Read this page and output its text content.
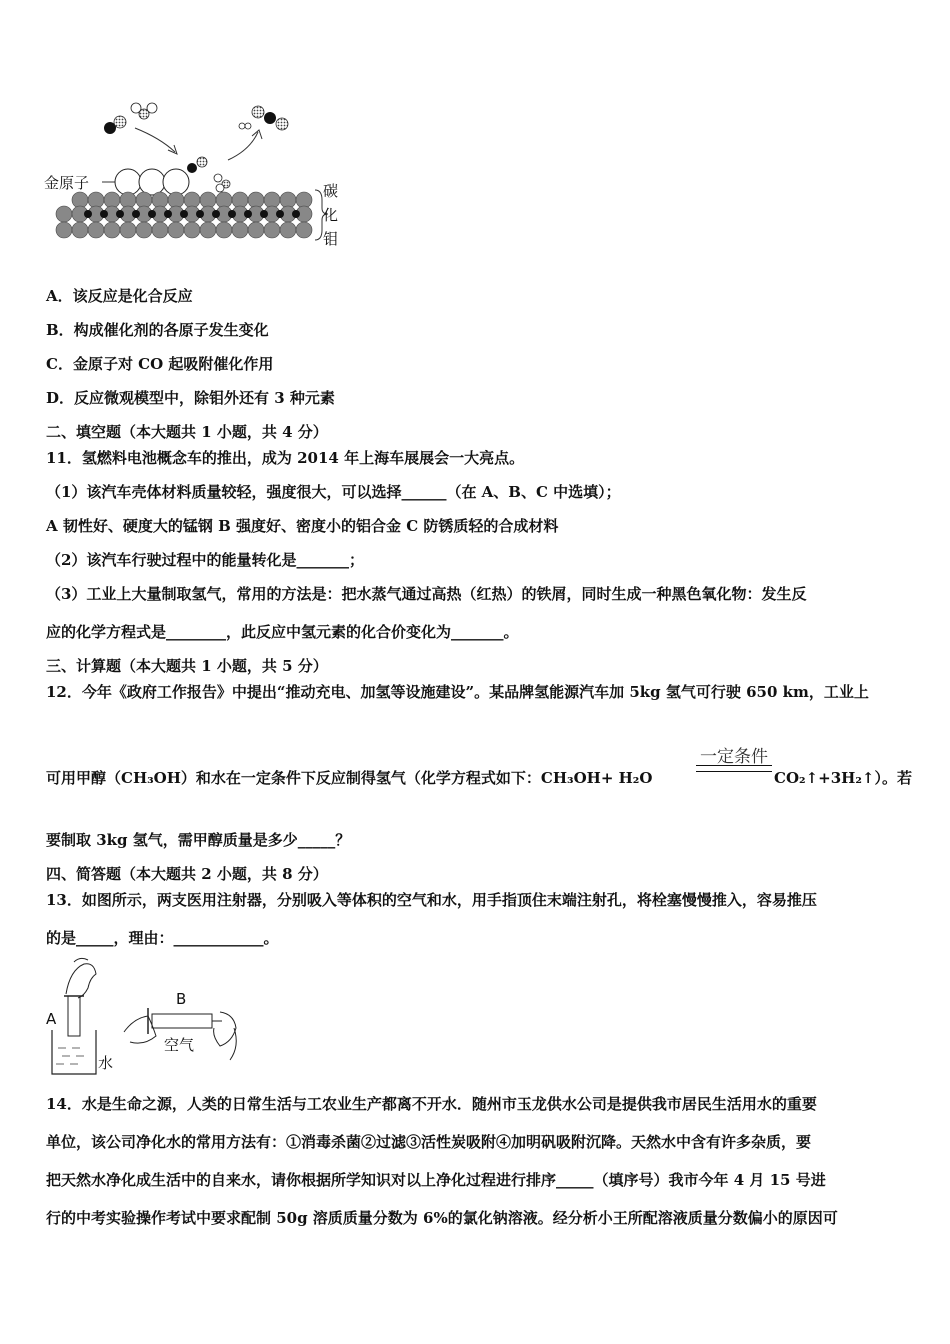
金原子	碳
化
钼
A．该反应是化合反应
B．构成催化剂的各原子发生变化
C．金原子对 CO 起吸附催化作用
D．反应微观模型中，除钼外还有 3 种元素
二、填空题（本大题共 1 小题，共 4 分）
11．氢燃料电池概念车的推出，成为 2014 年上海车展展会一大亮点。
（1）该汽车壳体材料质量较轻，强度很大，可以选择______（在 A、B、C 中选填）；
A 韧性好、硬度大的锰钢 B 强度好、密度小的铝合金 C 防锈质轻的合成材料
（2）该汽车行驶过程中的能量转化是_______；
（3）工业上大量制取氢气，常用的方法是：把水蒸气通过高热（红热）的铁屑，同时生成一种黑色氧化物：发生反
应的化学方程式是________，此反应中氢元素的化合价变化为_______。
三、计算题（本大题共 1 小题，共 5 分）
12．今年《政府工作报告》中提出“推动充电、加氢等设施建设”。某品牌氢能源汽车加 5kg 氢气可行驶 650 km，工业上
一定条件
可用甲醇（CH₃OH）和水在一定条件下反应制得氢气（化学方程式如下：CH₃OH+ H₂O	CO₂↑+3H₂↑）。若
要制取 3kg 氢气，需甲醇质量是多少_____？
四、简答题（本大题共 2 小题，共 8 分）
13．如图所示，两支医用注射器，分别吸入等体积的空气和水，用手指顶住末端注射孔，将栓塞慢慢推入，容易推压
的是_____，理由：____________。
A
B
水
空气
14．水是生命之源，人类的日常生活与工农业生产都离不开水．随州市玉龙供水公司是提供我市居民生活用水的重要
单位，该公司净化水的常用方法有：①消毒杀菌②过滤③活性炭吸附④加明矾吸附沉降。天然水中含有许多杂质，要
把天然水净化成生活中的自来水，请你根据所学知识对以上净化过程进行排序_____（填序号）我市今年 4 月 15 号进
行的中考实验操作考试中要求配制 50g 溶质质量分数为 6%的氯化钠溶液。经分析小王所配溶液质量分数偏小的原因可
